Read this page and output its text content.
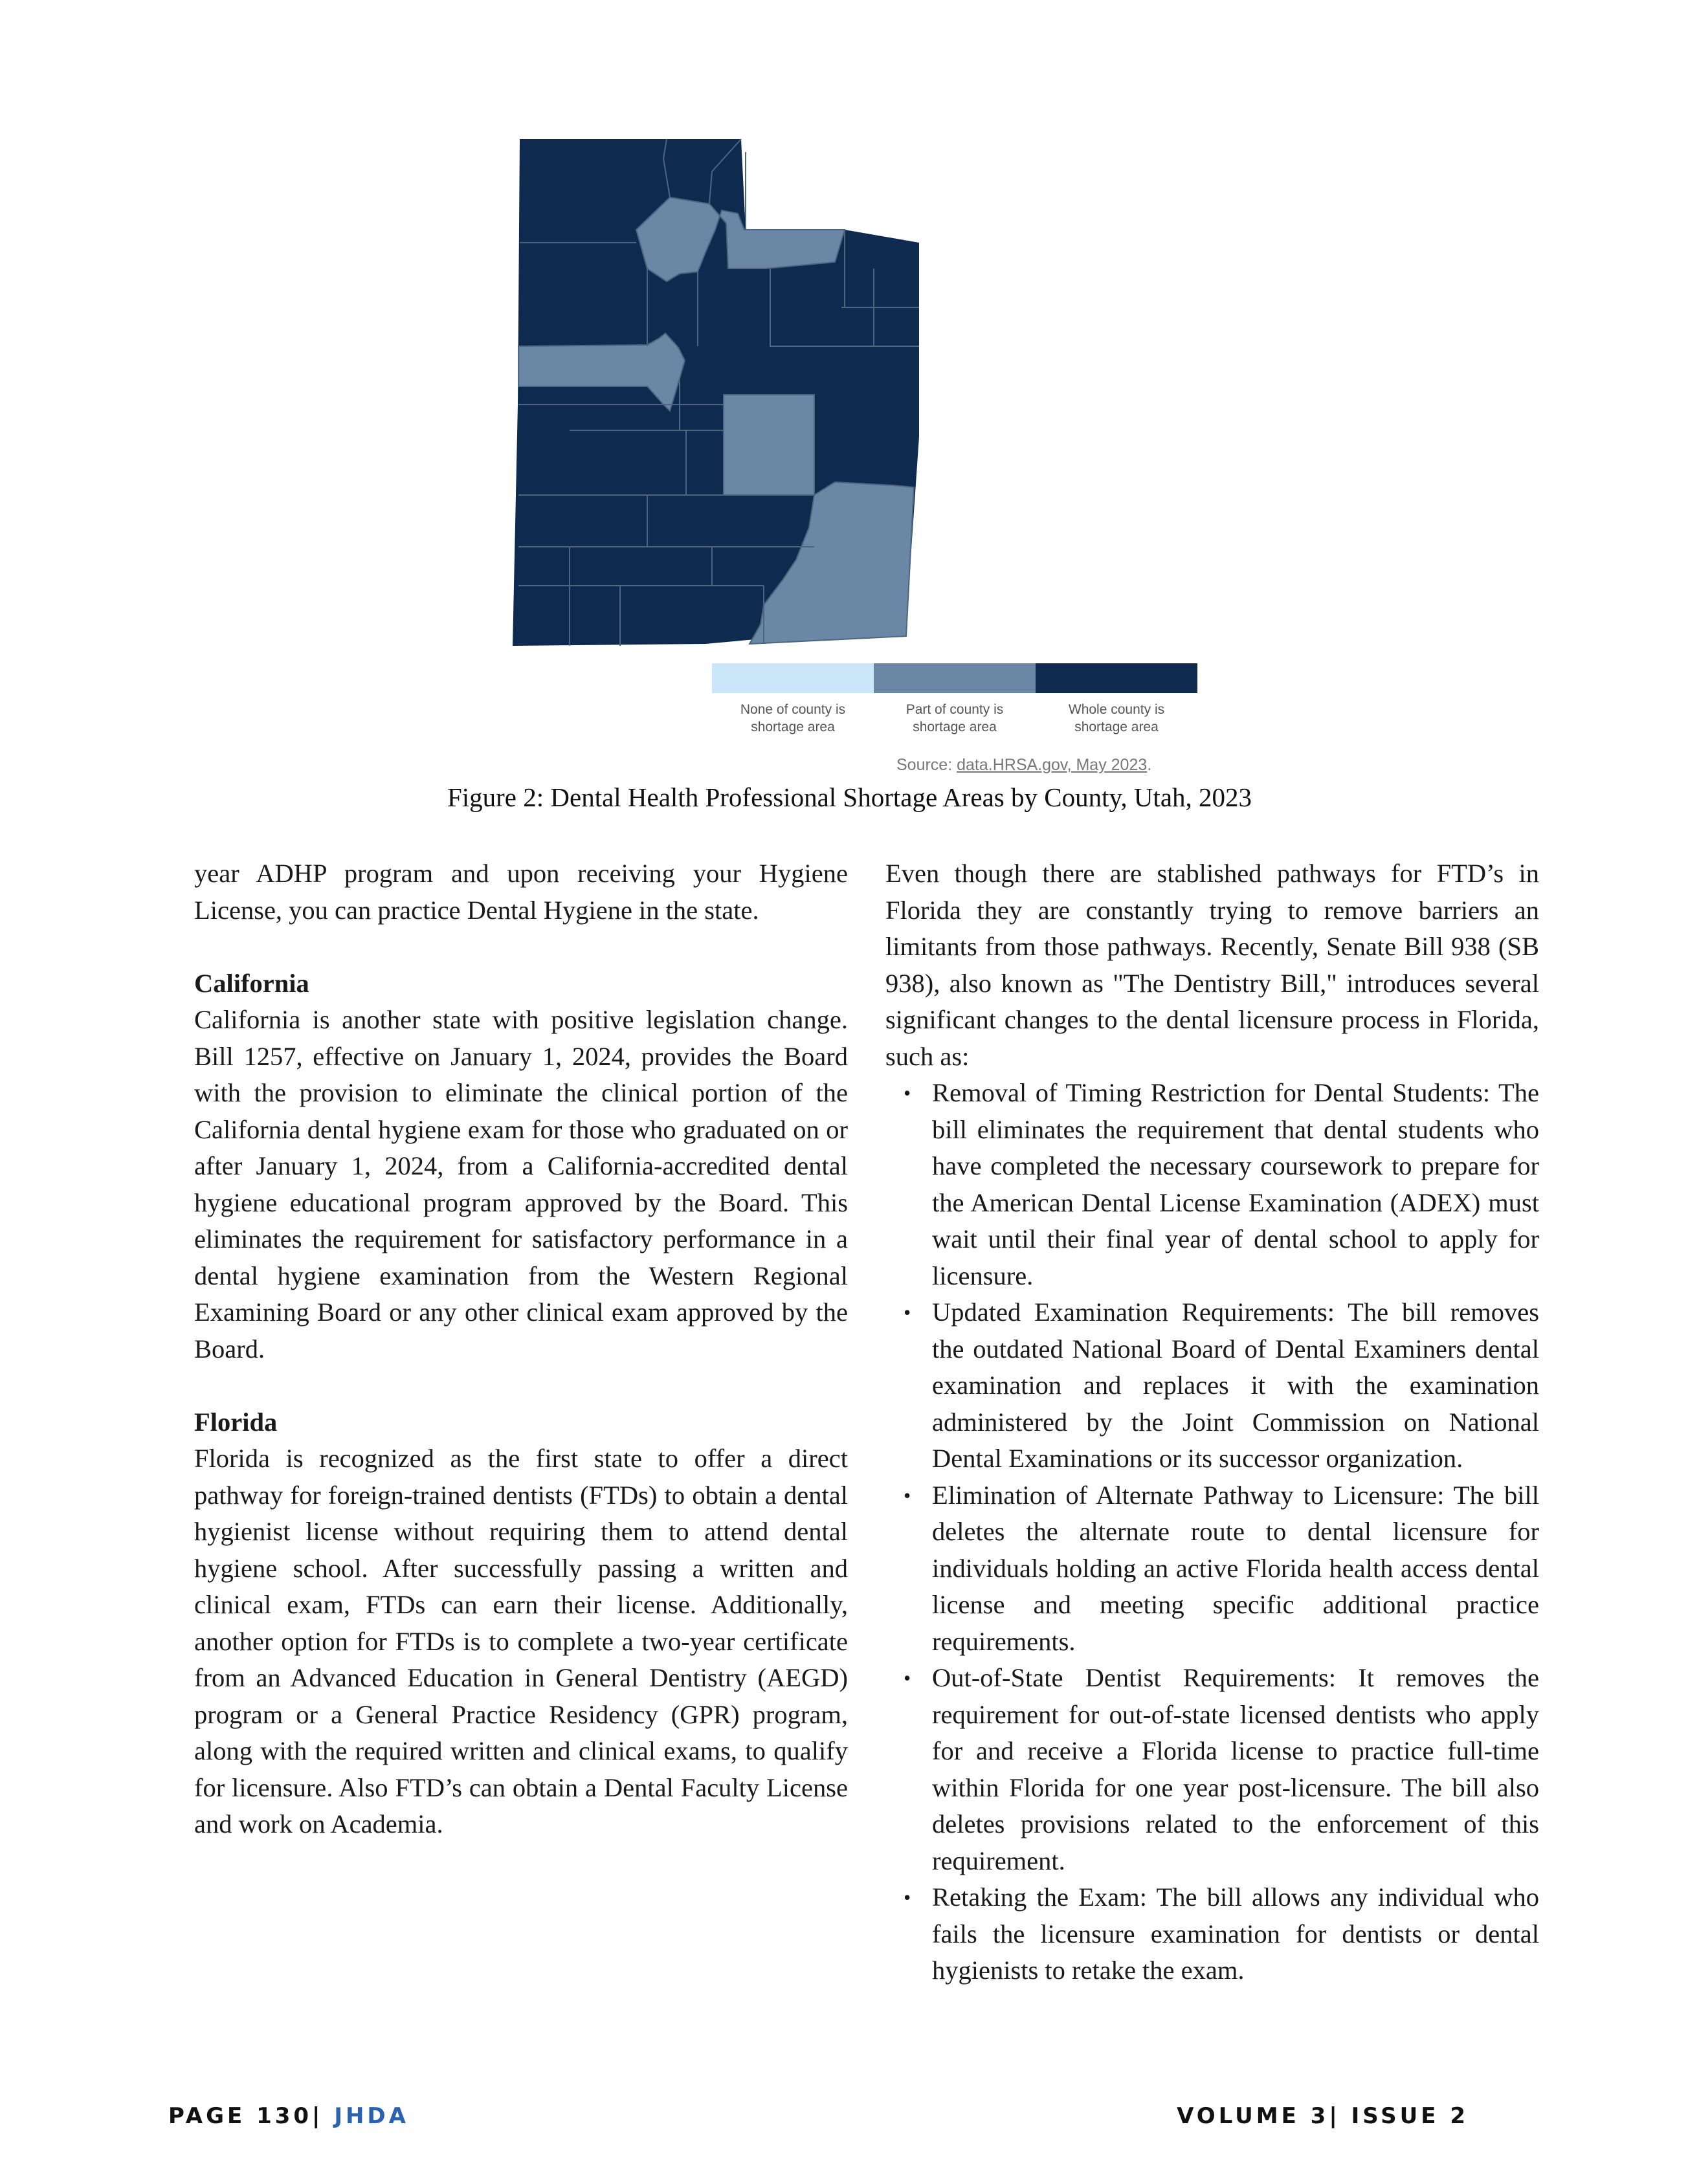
None of county is
shortage area
Part of county is
shortage area
Whole county is
shortage area
Source: data.HRSA.gov, May 2023.
Figure 2: Dental Health Professional Shortage Areas by County, Utah, 2023

year ADHP program and upon receiving your Hygiene License, you can practice Dental Hygiene in the state.

California

California is another state with positive legislation change. Bill 1257, effective on January 1, 2024, provides the Board with the provision to eliminate the clinical portion of the California dental hygiene exam for those who graduated on or after January 1, 2024, from a California-accredited dental hygiene educational program approved by the Board. This eliminates the requirement for satisfactory performance in a dental hygiene examination from the Western Regional Examining Board or any other clinical exam approved by the Board.

Florida

Florida is recognized as the first state to offer a direct pathway for foreign-trained dentists (FTDs) to obtain a dental hygienist license without requiring them to attend dental hygiene school. After successfully passing a written and clinical exam, FTDs can earn their license. Additionally, another option for FTDs is to complete a two-year certificate from an Advanced Education in General Dentistry (AEGD) program or a General Practice Residency (GPR) program, along with the required written and clinical exams, to qualify for licensure. Also FTD’s can obtain a Dental Faculty License and work on Academia.

Even though there are stablished pathways for FTD’s in Florida they are constantly trying to remove barriers an limitants from those pathways. Recently, Senate Bill 938 (SB 938), also known as "The Dentistry Bill," introduces several significant changes to the dental licensure process in Florida, such as:

• Removal of Timing Restriction for Dental Students: The bill eliminates the requirement that dental students who have completed the necessary coursework to prepare for the American Dental License Examination (ADEX) must wait until their final year of dental school to apply for licensure.
• Updated Examination Requirements: The bill removes the outdated National Board of Dental Examiners dental examination and replaces it with the examination administered by the Joint Commission on National Dental Examinations or its successor organization.
• Elimination of Alternate Pathway to Licensure: The bill deletes the alternate route to dental licensure for individuals holding an active Florida health access dental license and meeting specific additional practice requirements.
• Out-of-State Dentist Requirements: It removes the requirement for out-of-state licensed dentists who apply for and receive a Florida license to practice full-time within Florida for one year post-licensure. The bill also deletes provisions related to the enforcement of this requirement.
• Retaking the Exam: The bill allows any individual who fails the licensure examination for dentists or dental hygienists to retake the exam.
PAGE 130| JHDA	VOLUME 3| ISSUE 2
